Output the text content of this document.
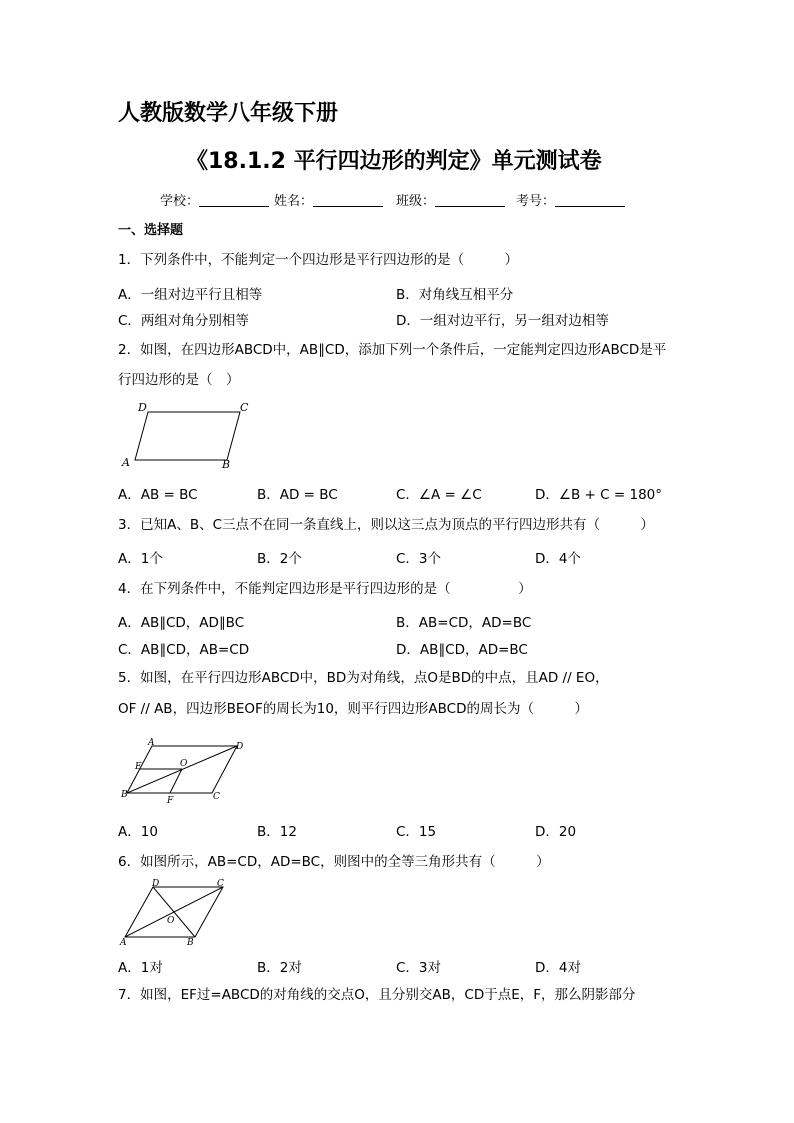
人教版数学八年级下册
《18.1.2 平行四边形的判定》单元测试卷
学校：	姓名：	班级：	考号：
一、选择题
1．下列条件中，不能判定一个四边形是平行四边形的是（　　　）
A．一组对边平行且相等	B．对角线互相平分
C．两组对角分别相等	D．一组对边平行，另一组对边相等
2．如图，在四边形ABCD中，AB∥CD，添加下列一个条件后，一定能判定四边形ABCD是平
行四边形的是（　）
D	C
A	B
A．AB = BC	B．AD = BC	C．∠A = ∠C	D．∠B + C = 180°
3．已知A、B、C三点不在同一条直线上，则以这三点为顶点的平行四边形共有（　　　）
A．1个	B．2个	C．3个	D．4个
4．在下列条件中，不能判定四边形是平行四边形的是（　　　　　）
A．AB∥CD，AD∥BC	B．AB=CD，AD=BC
C．AB∥CD，AB=CD	D．AB∥CD，AD=BC
5．如图，在平行四边形ABCD中，BD为对角线，点O是BD的中点，且AD // EO，
OF // AB，四边形BEOF的周长为10，则平行四边形ABCD的周长为（　　　）
A	D
E	O
B
F	C
A．10	B．12	C．15	D．20
6．如图所示，AB=CD，AD=BC，则图中的全等三角形共有（　　　）
D	C
O
A	B
A．1对	B．2对	C．3对	D．4对
7．如图，EF过=ABCD的对角线的交点O，且分别交AB，CD于点E，F，那么阴影部分
